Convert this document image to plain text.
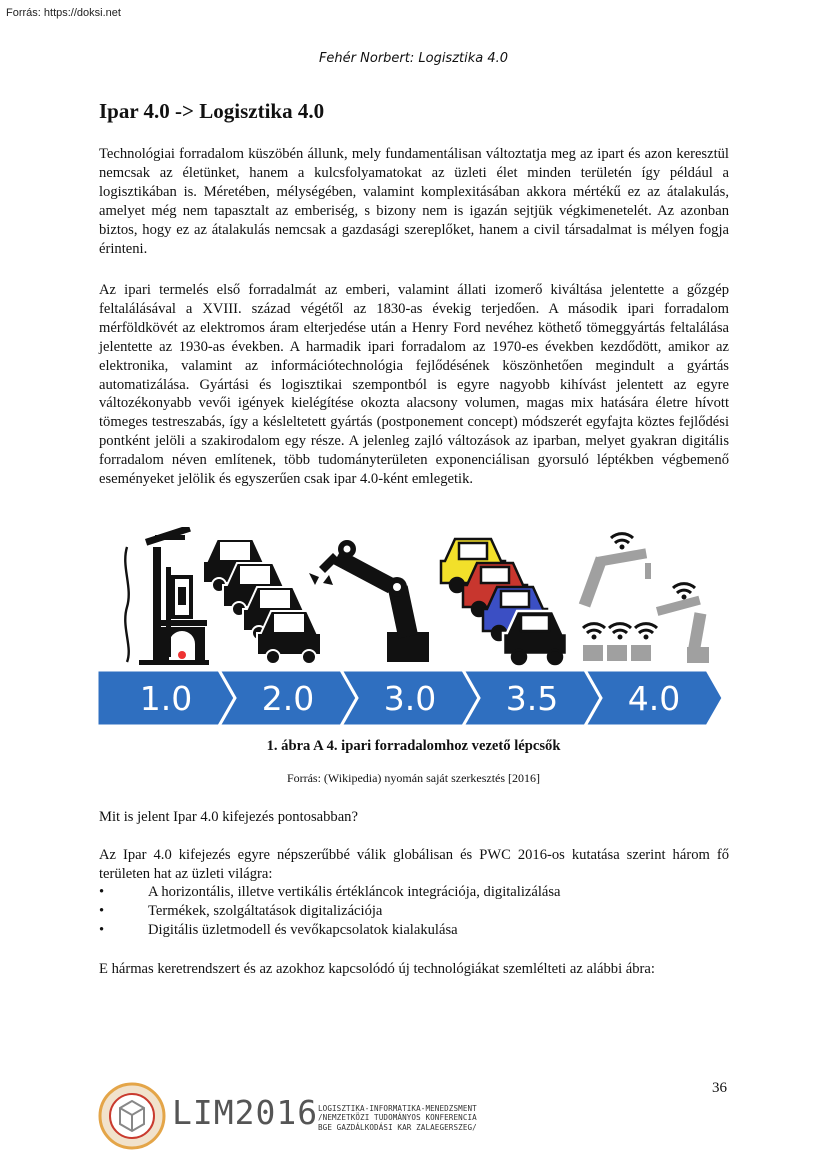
Forrás: https://doksi.net
Fehér Norbert: Logisztika 4.0
Ipar 4.0 -> Logisztika 4.0

Technológiai forradalom küszöbén állunk, mely fundamentálisan változtatja meg az ipart és azon keresztül nemcsak az életünket, hanem a kulcsfolyamatokat az üzleti élet minden területén így például a logisztikában is. Méretében, mélységében, valamint komplexitásában akkora mértékű ez az átalakulás, amelyet még nem tapasztalt az emberiség, s bizony nem is igazán sejtjük végkimenetelét. Az azonban biztos, hogy ez az átalakulás nemcsak a gazdasági szereplőket, hanem a civil társadalmat is mélyen fogja érinteni.

Az ipari termelés első forradalmát az emberi, valamint állati izomerő kiváltása jelentette a gőzgép feltalálásával a XVIII. század végétől az 1830-as évekig terjedően. A második ipari forradalom mérföldkövét az elektromos áram elterjedése után a Henry Ford nevéhez köthető tömeggyártás feltalálása jelentette az 1930-as években. A harmadik ipari forradalom az 1970-es években kezdődött, amikor az elektronika, valamint az információtechnológia fejlődésének köszönhetően megindult a gyártás automatizálása. Gyártási és logisztikai szempontból is egyre nagyobb kihívást jelentett az egyre változékonyabb vevői igények kielégítése okozta alacsony volumen, magas mix hatására életre hívott tömeges testreszabás, így a késleltetett gyártás (postponement concept) módszerét egyfajta köztes fejlődési pontként jelöli a szakirodalom egy része. A jelenleg zajló változások az iparban, melyet gyakran digitális forradalom néven említenek, több tudományterületen exponenciálisan gyorsuló léptékben végbemenő eseményeket jelölik és egyszerűen csak ipar 4.0-ként emlegetik.

1.0 2.0 3.0 3.5 4.0
1. ábra A 4. ipari forradalomhoz vezető lépcsők
Forrás: (Wikipedia) nyomán saját szerkesztés [2016]

Mit is jelent Ipar 4.0 kifejezés pontosabban?

Az Ipar 4.0 kifejezés egyre népszerűbbé válik globálisan és PWC 2016-os kutatása szerint három fő területen hat az üzleti világra:

•	A horizontális, illetve vertikális értékláncok integrációja, digitalizálása
•	Termékek, szolgáltatások digitalizációja
•	Digitális üzletmodell és vevőkapcsolatok kialakulása

E hármas keretrendszert és az azokhoz kapcsolódó új technológiákat szemlélteti az alábbi ábra:

36
LIM2016 LOGISZTIKA-INFORMATIKA-MENEDZSMENT
/NEMZETKÖZI TUDOMÁNYOS KONFERENCIA
BGE GAZDÁLKODÁSI KAR ZALAEGERSZEG/
